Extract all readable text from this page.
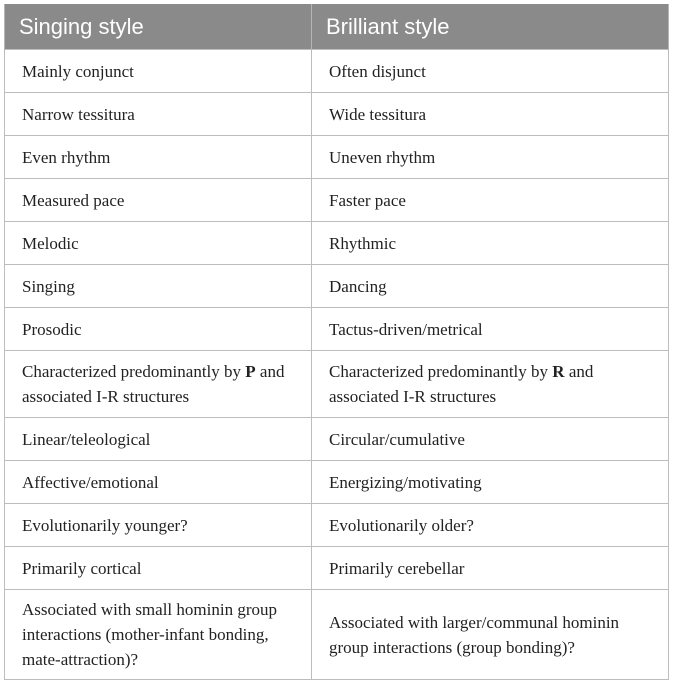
Singing style	Brilliant style
Mainly conjunct	Often disjunct
Narrow tessitura	Wide tessitura
Even rhythm	Uneven rhythm
Measured pace	Faster pace
Melodic	Rhythmic
Singing	Dancing
Prosodic	Tactus-driven/metrical
Characterized predominantly by P and associated I-R structures	Characterized predominantly by R and associated I-R structures
Linear/teleological	Circular/cumulative
Affective/emotional	Energizing/motivating
Evolutionarily younger?	Evolutionarily older?
Primarily cortical	Primarily cerebellar
Associated with small hominin group interactions (mother-infant bonding, mate-attraction)?	Associated with larger/communal hominin group interactions (group bonding)?
